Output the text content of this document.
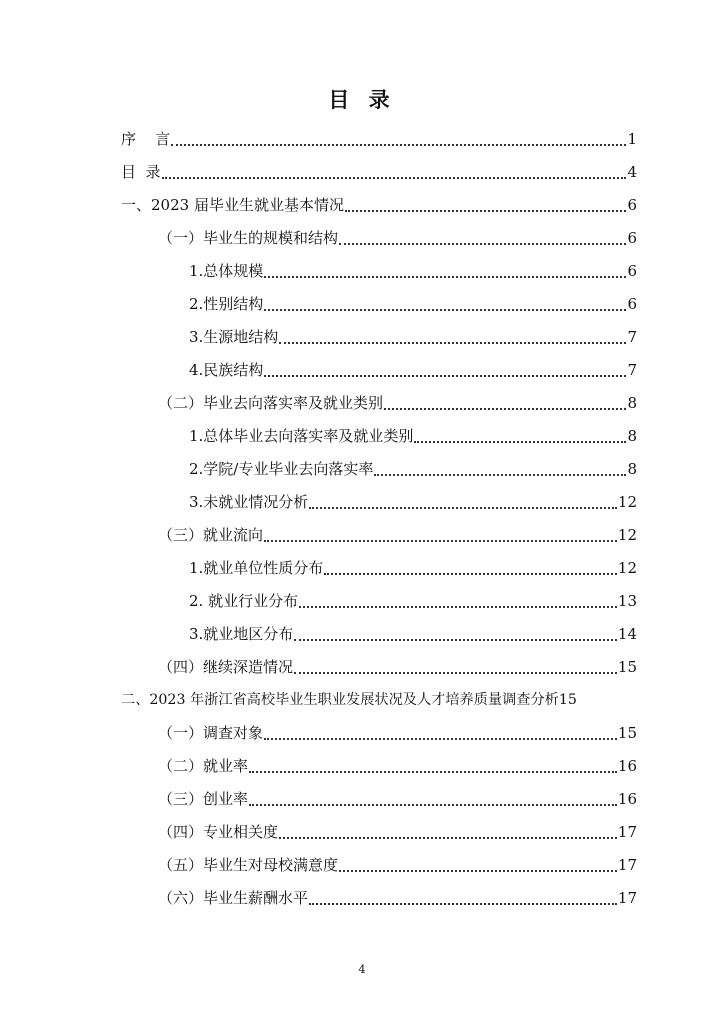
目 录
序    言	1
目  录	4
一、2023 届毕业生就业基本情况	6
（一）毕业生的规模和结构	6
1.总体规模	6
2.性别结构	6
3.生源地结构	7
4.民族结构	7
（二）毕业去向落实率及就业类别	8
1.总体毕业去向落实率及就业类别	8
2.学院/专业毕业去向落实率	8
3.未就业情况分析	12
（三）就业流向	12
1.就业单位性质分布	12
2. 就业行业分布	13
3.就业地区分布	14
（四）继续深造情况	15
二、2023 年浙江省高校毕业生职业发展状况及人才培养质量调查分析 15
（一）调查对象	15
（二）就业率	16
（三）创业率	16
（四）专业相关度	17
（五）毕业生对母校满意度	17
（六）毕业生薪酬水平	17
4
